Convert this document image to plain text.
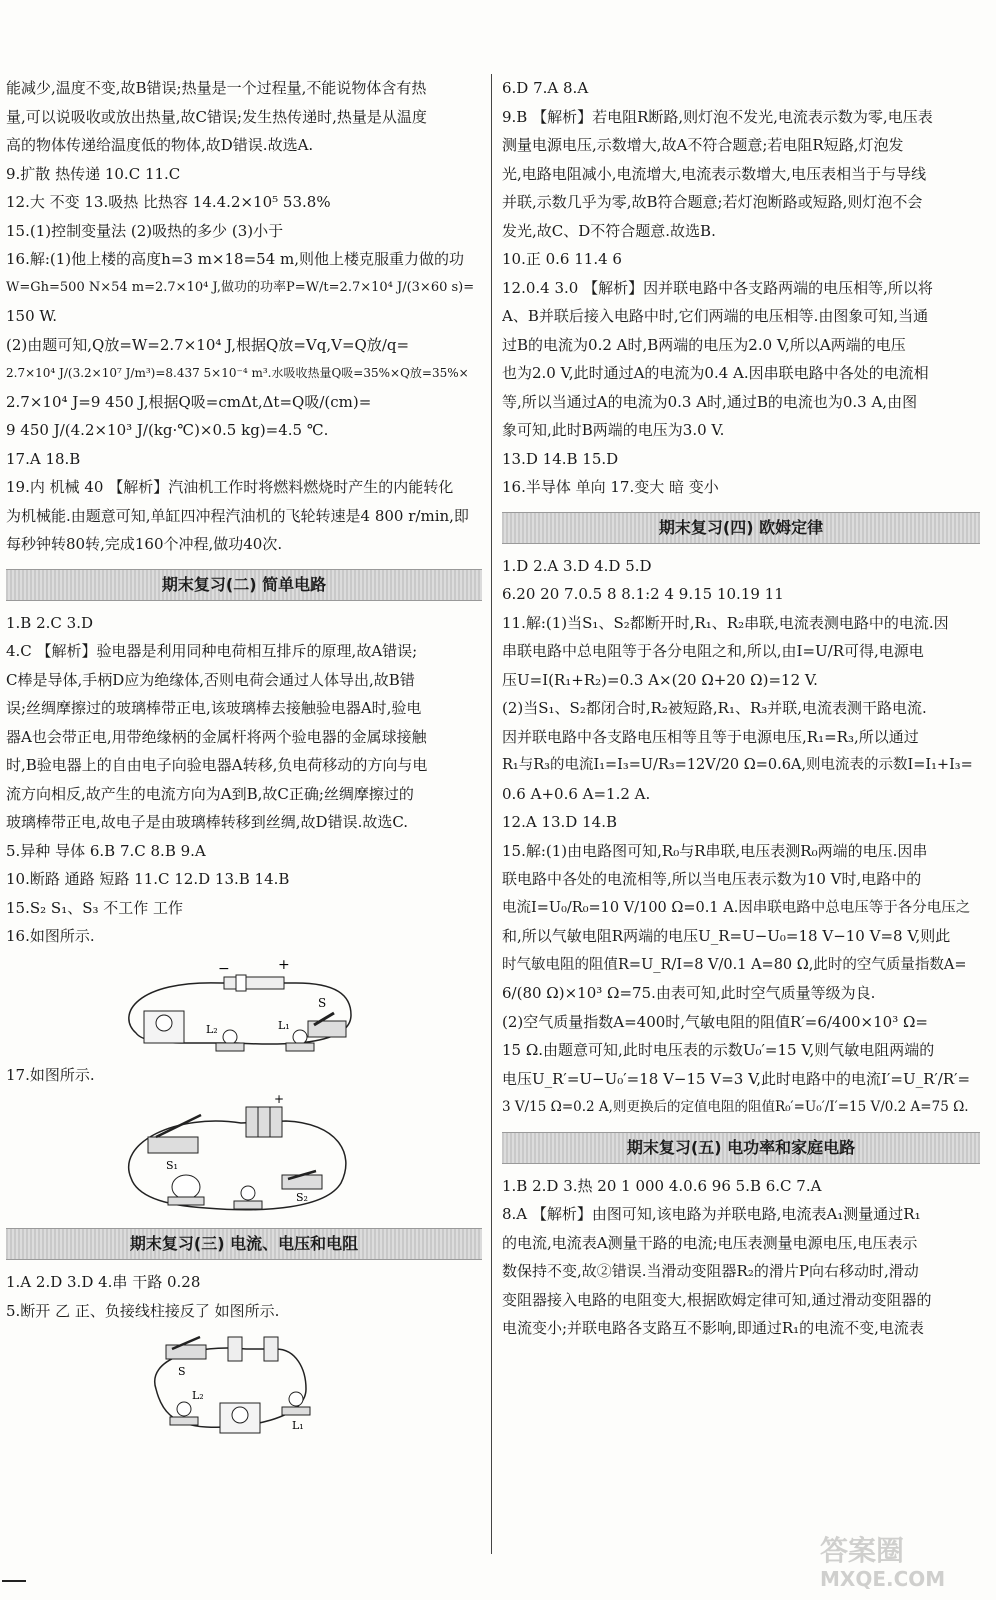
能减少,温度不变,故B错误;热量是一个过程量,不能说物体含有热
量,可以说吸收或放出热量,故C错误;发生热传递时,热量是从温度
高的物体传递给温度低的物体,故D错误.故选A.
9.扩散 热传递 10.C 11.C
12.大 不变 13.吸热 比热容 14.4.2×10⁵ 53.8%
15.(1)控制变量法 (2)吸热的多少 (3)小于
16.解:(1)他上楼的高度h=3 m×18=54 m,则他上楼克服重力做的功
W=Gh=500 N×54 m=2.7×10⁴ J,做功的功率P=W/t=2.7×10⁴ J/(3×60 s)=
150 W.
(2)由题可知,Q放=W=2.7×10⁴ J,根据Q放=Vq,V=Q放/q=
2.7×10⁴ J/(3.2×10⁷ J/m³)=8.437 5×10⁻⁴ m³.水吸收热量Q吸=35%×Q放=35%×
2.7×10⁴ J=9 450 J,根据Q吸=cmΔt,Δt=Q吸/(cm)=
9 450 J/(4.2×10³ J/(kg·℃)×0.5 kg)=4.5 ℃.
17.A 18.B
19.内 机械 40 【解析】汽油机工作时将燃料燃烧时产生的内能转化
为机械能.由题意可知,单缸四冲程汽油机的飞轮转速是4 800 r/min,即
每秒钟转80转,完成160个冲程,做功40次.
期末复习(二) 简单电路
1.B 2.C 3.D
4.C 【解析】验电器是利用同种电荷相互排斥的原理,故A错误;
C棒是导体,手柄D应为绝缘体,否则电荷会通过人体导出,故B错
误;丝绸摩擦过的玻璃棒带正电,该玻璃棒去接触验电器A时,验电
器A也会带正电,用带绝缘柄的金属杆将两个验电器的金属球接触
时,B验电器上的自由电子向验电器A转移,负电荷移动的方向与电
流方向相反,故产生的电流方向为A到B,故C正确;丝绸摩擦过的
玻璃棒带正电,故电子是由玻璃棒转移到丝绸,故D错误.故选C.
5.异种 导体 6.B 7.C 8.B 9.A
10.断路 通路 短路 11.C 12.D 13.B 14.B
15.S₂ S₁、S₃ 不工作 工作
16.如图所示.
−	+
S
L₂	L₁
17.如图所示.
+
S₁
S₂
期末复习(三) 电流、电压和电阻
1.A 2.D 3.D 4.串 干路 0.28
5.断开 乙 正、负接线柱接反了 如图所示.
S
L₂
L₁
6.D 7.A 8.A
9.B 【解析】若电阻R断路,则灯泡不发光,电流表示数为零,电压表
测量电源电压,示数增大,故A不符合题意;若电阻R短路,灯泡发
光,电路电阻减小,电流增大,电流表示数增大,电压表相当于与导线
并联,示数几乎为零,故B符合题意;若灯泡断路或短路,则灯泡不会
发光,故C、D不符合题意.故选B.
10.正 0.6 11.4 6
12.0.4 3.0 【解析】因并联电路中各支路两端的电压相等,所以将
A、B并联后接入电路中时,它们两端的电压相等.由图象可知,当通
过B的电流为0.2 A时,B两端的电压为2.0 V,所以A两端的电压
也为2.0 V,此时通过A的电流为0.4 A.因串联电路中各处的电流相
等,所以当通过A的电流为0.3 A时,通过B的电流也为0.3 A,由图
象可知,此时B两端的电压为3.0 V.
13.D 14.B 15.D
16.半导体 单向 17.变大 暗 变小
期末复习(四) 欧姆定律
1.D 2.A 3.D 4.D 5.D
6.20 20 7.0.5 8 8.1:2 4 9.15 10.19 11
11.解:(1)当S₁、S₂都断开时,R₁、R₂串联,电流表测电路中的电流.因
串联电路中总电阻等于各分电阻之和,所以,由I=U/R可得,电源电
压U=I(R₁+R₂)=0.3 A×(20 Ω+20 Ω)=12 V.
(2)当S₁、S₂都闭合时,R₂被短路,R₁、R₃并联,电流表测干路电流.
因并联电路中各支路电压相等且等于电源电压,R₁=R₃,所以通过
R₁与R₃的电流I₁=I₃=U/R₃=12V/20 Ω=0.6A,则电流表的示数I=I₁+I₃=
0.6 A+0.6 A=1.2 A.
12.A 13.D 14.B
15.解:(1)由电路图可知,R₀与R串联,电压表测R₀两端的电压.因串
联电路中各处的电流相等,所以当电压表示数为10 V时,电路中的
电流I=U₀/R₀=10 V/100 Ω=0.1 A.因串联电路中总电压等于各分电压之
和,所以气敏电阻R两端的电压U_R=U−U₀=18 V−10 V=8 V,则此
时气敏电阻的阻值R=U_R/I=8 V/0.1 A=80 Ω,此时的空气质量指数A=
6/(80 Ω)×10³ Ω=75.由表可知,此时空气质量等级为良.
(2)空气质量指数A=400时,气敏电阻的阻值R′=6/400×10³ Ω=
15 Ω.由题意可知,此时电压表的示数U₀′=15 V,则气敏电阻两端的
电压U_R′=U−U₀′=18 V−15 V=3 V,此时电路中的电流I′=U_R′/R′=
3 V/15 Ω=0.2 A,则更换后的定值电阻的阻值R₀′=U₀′/I′=15 V/0.2 A=75 Ω.
期末复习(五) 电功率和家庭电路
1.B 2.D 3.热 20 1 000 4.0.6 96 5.B 6.C 7.A
8.A 【解析】由图可知,该电路为并联电路,电流表A₁测量通过R₁
的电流,电流表A测量干路的电流;电压表测量电源电压,电压表示
数保持不变,故②错误.当滑动变阻器R₂的滑片P向右移动时,滑动
变阻器接入电路的电阻变大,根据欧姆定律可知,通过滑动变阻器的
电流变小;并联电路各支路互不影响,即通过R₁的电流不变,电流表
答案圈
MXQE.COM
